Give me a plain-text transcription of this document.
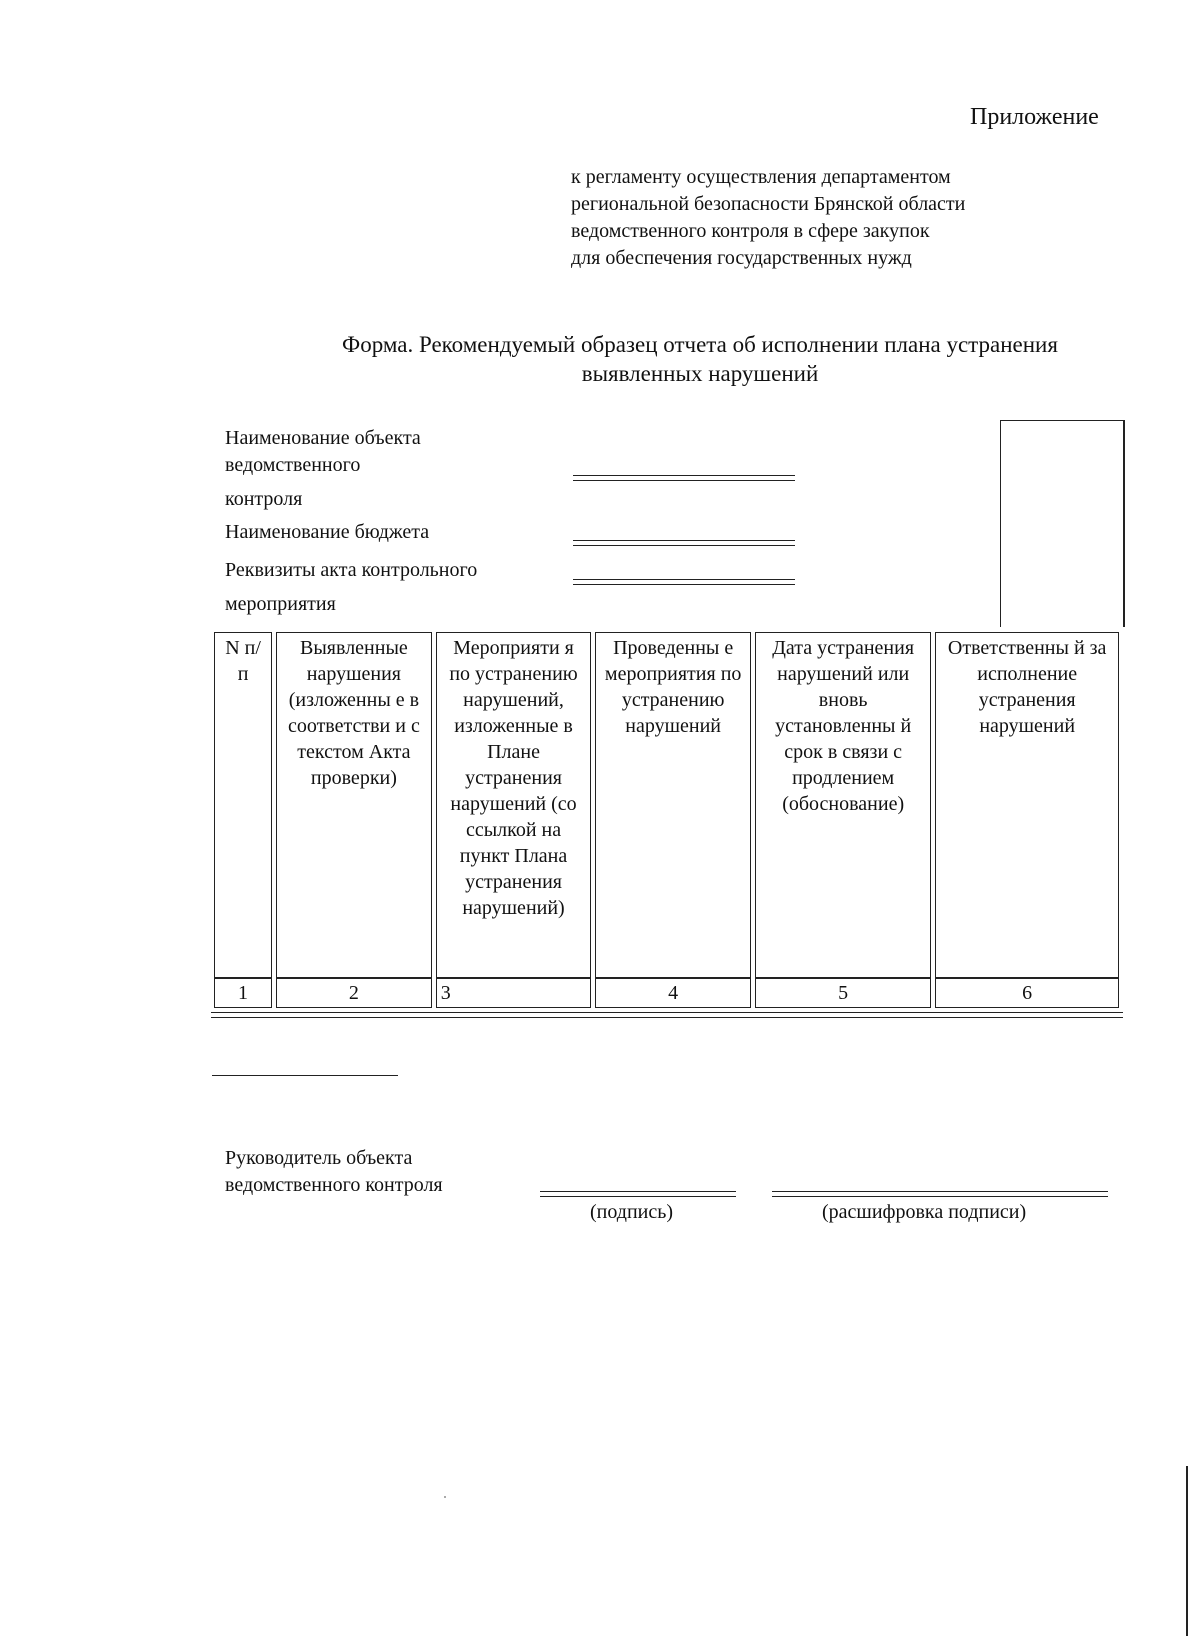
Приложение
к регламенту осуществления департаментом
региональной безопасности Брянской области
ведомственного контроля в сфере закупок
для обеспечения государственных нужд
Форма. Рекомендуемый образец отчета об исполнении плана устранения
выявленных нарушений
Наименование объекта
ведомственного
контроля
Наименование бюджета
Реквизиты акта контрольного
мероприятия
N п/ п	Выявленные нарушения (изложенны е в соответстви и с текстом Акта проверки)	Мероприяти я по устранению нарушений, изложенные в Плане устранения нарушений (со ссылкой на пункт Плана устранения нарушений)	Проведенны е мероприятия по устранению нарушений	Дата устранения нарушений или вновь установленны й срок в связи с продлением (обоснование)	Ответственны й за исполнение устранения нарушений
1	2	3	4	5	6
Руководитель объекта
ведомственного контроля
(подпись)	(расшифровка подписи)
